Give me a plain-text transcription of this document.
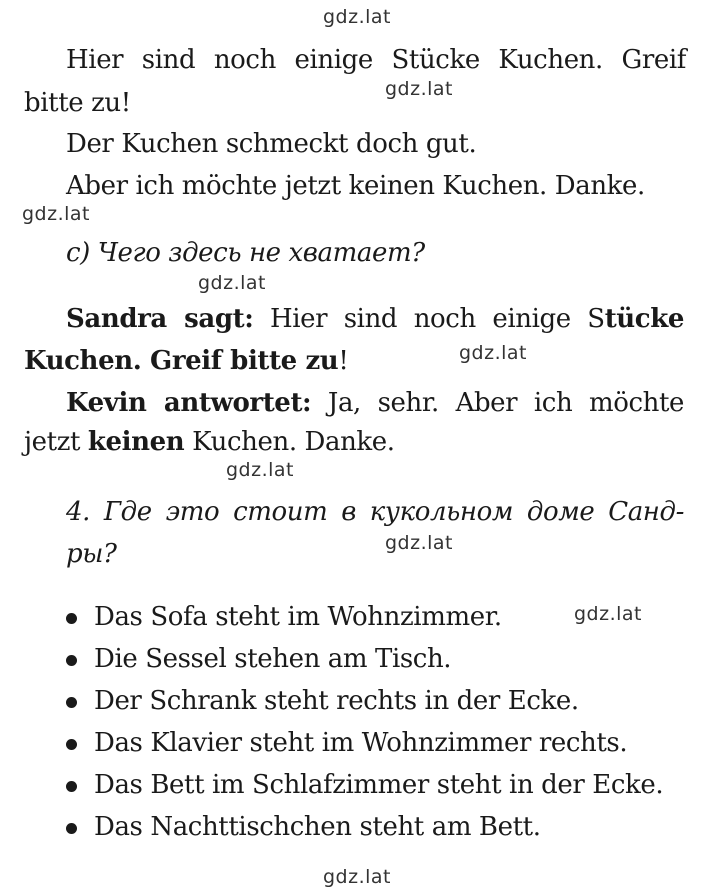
gdz.lat
gdz.lat
gdz.lat
gdz.lat
gdz.lat
gdz.lat
gdz.lat
gdz.lat
gdz.lat
Hier sind noch einige Stücke Kuchen. Greif
bitte zu!
Der Kuchen schmeckt doch gut.
Aber ich möchte jetzt keinen Kuchen. Danke.
c) Чего здесь не хватает?
Sandra sagt: Hier sind noch einige Stücke
Kuchen. Greif bitte zu!
Kevin antwortet: Ja, sehr. Aber ich möchte
jetzt keinen Kuchen. Danke.
4. Где это стоит в кукольном доме Санд-
ры?
Das Sofa steht im Wohnzimmer.
Die Sessel stehen am Tisch.
Der Schrank steht rechts in der Ecke.
Das Klavier steht im Wohnzimmer rechts.
Das Bett im Schlafzimmer steht in der Ecke.
Das Nachttischchen steht am Bett.
